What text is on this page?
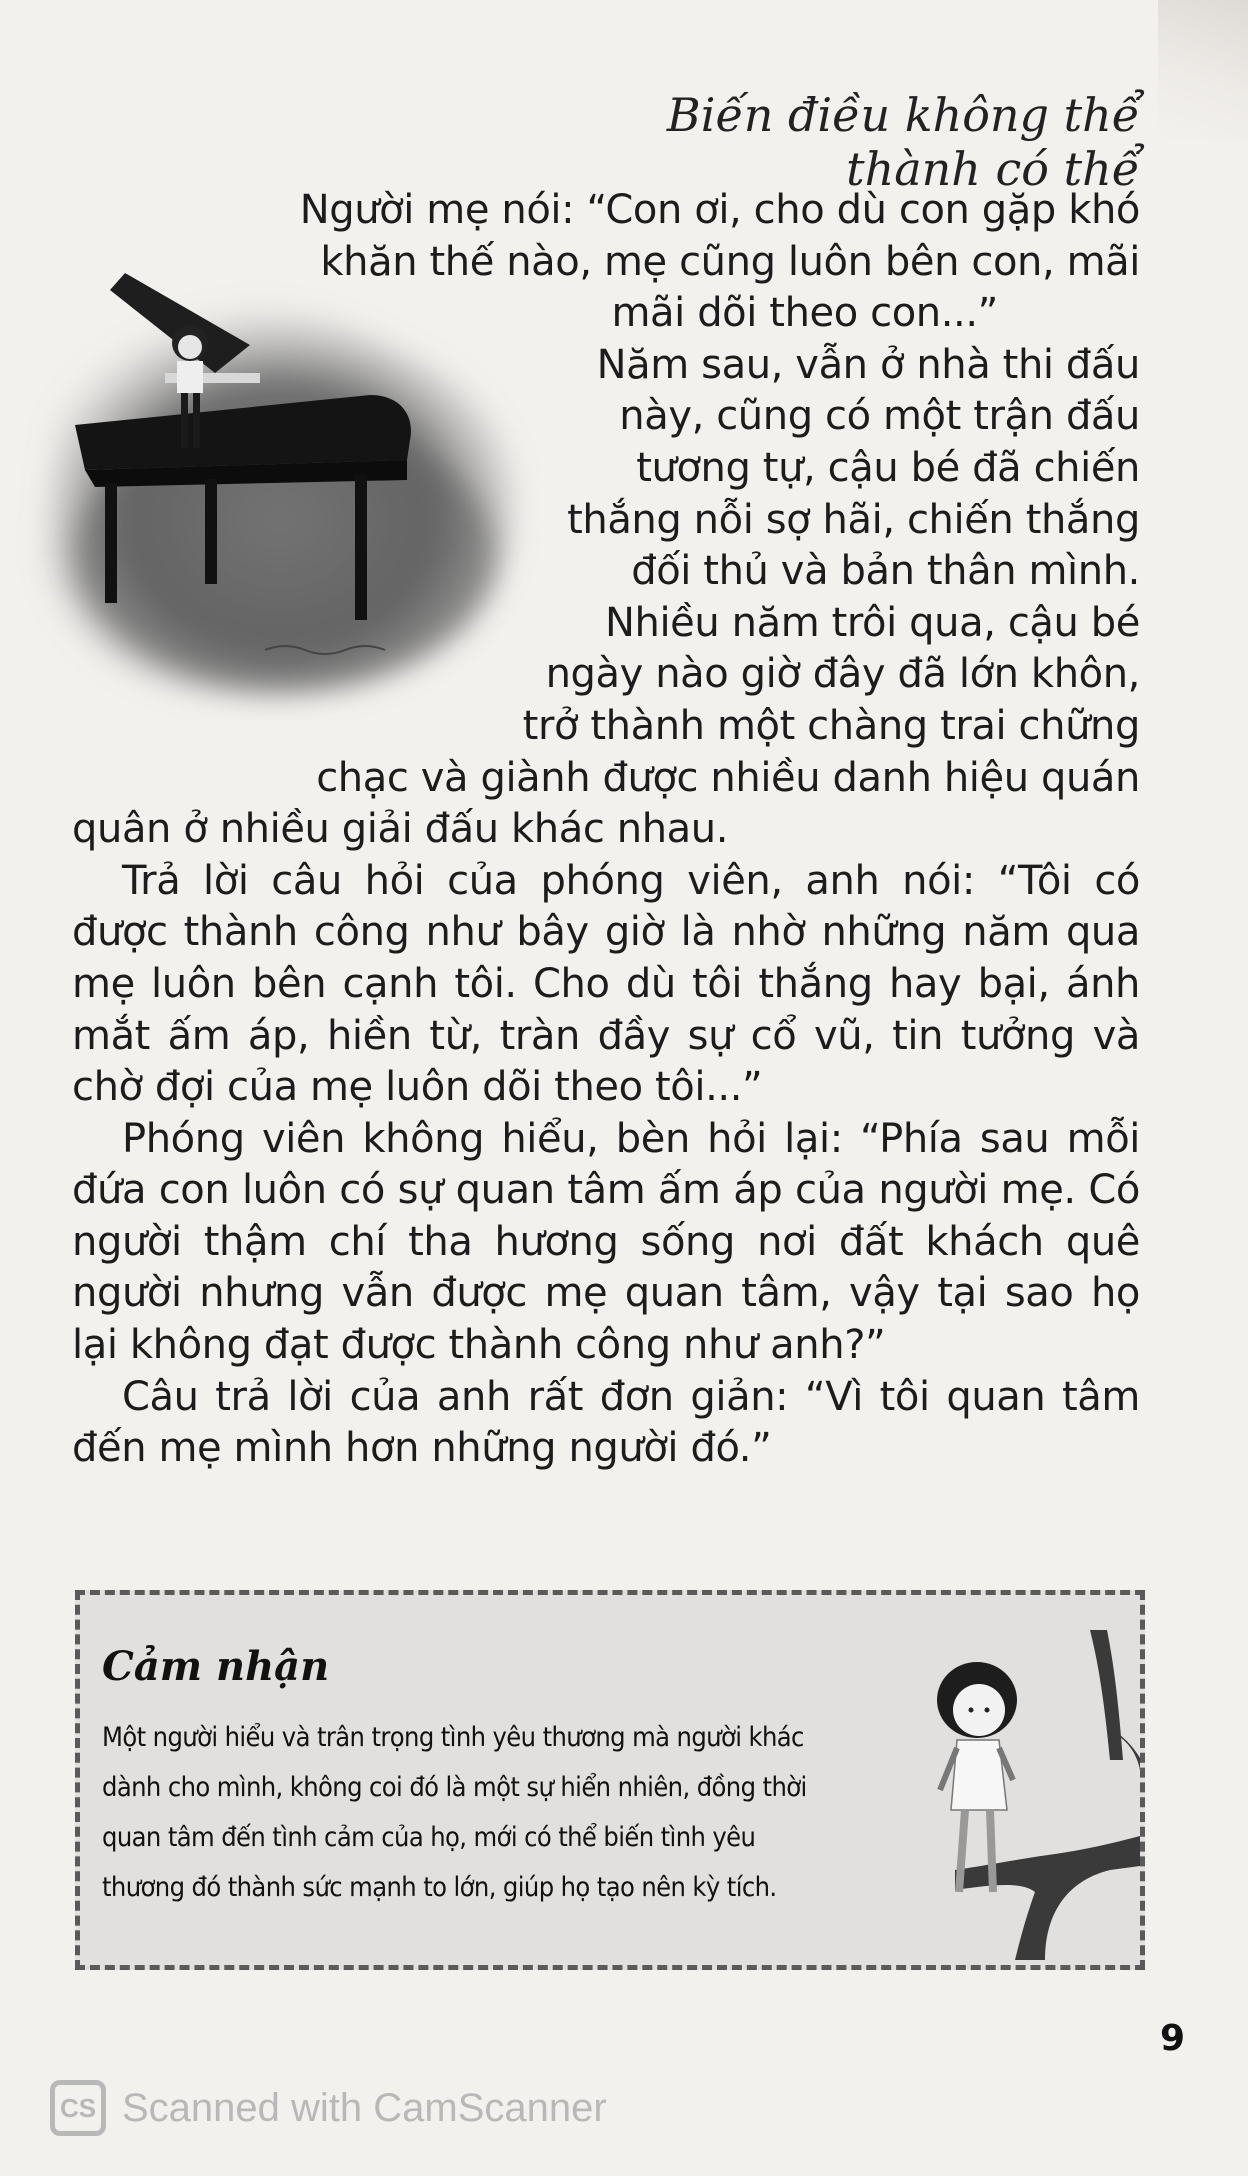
Biến điều không thể thành có thể

Người mẹ nói: “Con ơi, cho dù con gặp khó

khăn thế nào, mẹ cũng luôn bên con, mãi

mãi dõi theo con...”

Năm sau, vẫn ở nhà thi đấu

này, cũng có một trận đấu

tương tự, cậu bé đã chiến

thắng nỗi sợ hãi, chiến thắng

đối thủ và bản thân mình.

Nhiều năm trôi qua, cậu bé

ngày nào giờ đây đã lớn khôn,

trở thành một chàng trai chững

chạc và giành được nhiều danh hiệu quán

quân ở nhiều giải đấu khác nhau.

Trả lời câu hỏi của phóng viên, anh nói: “Tôi có được thành công như bây giờ là nhờ những năm qua mẹ luôn bên cạnh tôi. Cho dù tôi thắng hay bại, ánh mắt ấm áp, hiền từ, tràn đầy sự cổ vũ, tin tưởng và chờ đợi của mẹ luôn dõi theo tôi...”

Phóng viên không hiểu, bèn hỏi lại: “Phía sau mỗi đứa con luôn có sự quan tâm ấm áp của người mẹ. Có người thậm chí tha hương sống nơi đất khách quê người nhưng vẫn được mẹ quan tâm, vậy tại sao họ lại không đạt được thành công như anh?”

Câu trả lời của anh rất đơn giản: “Vì tôi quan tâm đến mẹ mình hơn những người đó.”

Cảm nhận
Một người hiểu và trân trọng tình yêu thương mà người khác
dành cho mình, không coi đó là một sự hiển nhiên, đồng thời
quan tâm đến tình cảm của họ, mới có thể biến tình yêu
thương đó thành sức mạnh to lớn, giúp họ tạo nên kỳ tích.
9
CS Scanned with CamScanner
